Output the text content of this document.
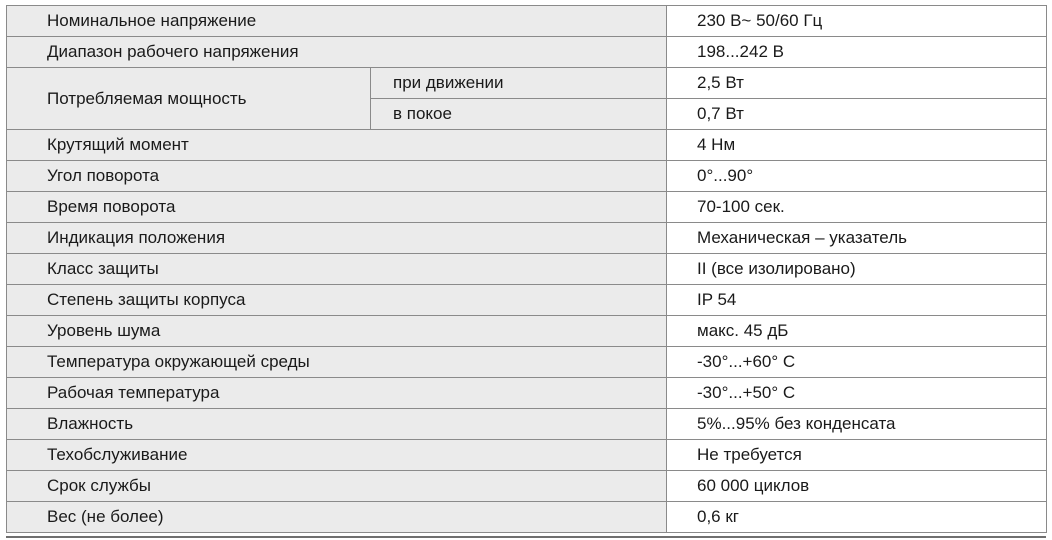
Номинальное напряжение		230 В~ 50/60 Гц
Диапазон рабочего напряжения		198...242 В
Потребляемая мощность	при движении	2,5 Вт
	в покое	0,7 Вт
Крутящий момент		4 Нм
Угол поворота		0°...90°
Время поворота		70-100 сек.
Индикация положения		Механическая – указатель
Класс защиты		II (все изолировано)
Степень защиты корпуса		IP 54
Уровень шума		макс. 45 дБ
Температура окружающей среды		-30°...+60° С
Рабочая температура		-30°...+50° С
Влажность		5%...95% без конденсата
Техобслуживание		Не требуется
Срок службы		60 000 циклов
Вес (не более)		0,6 кг
